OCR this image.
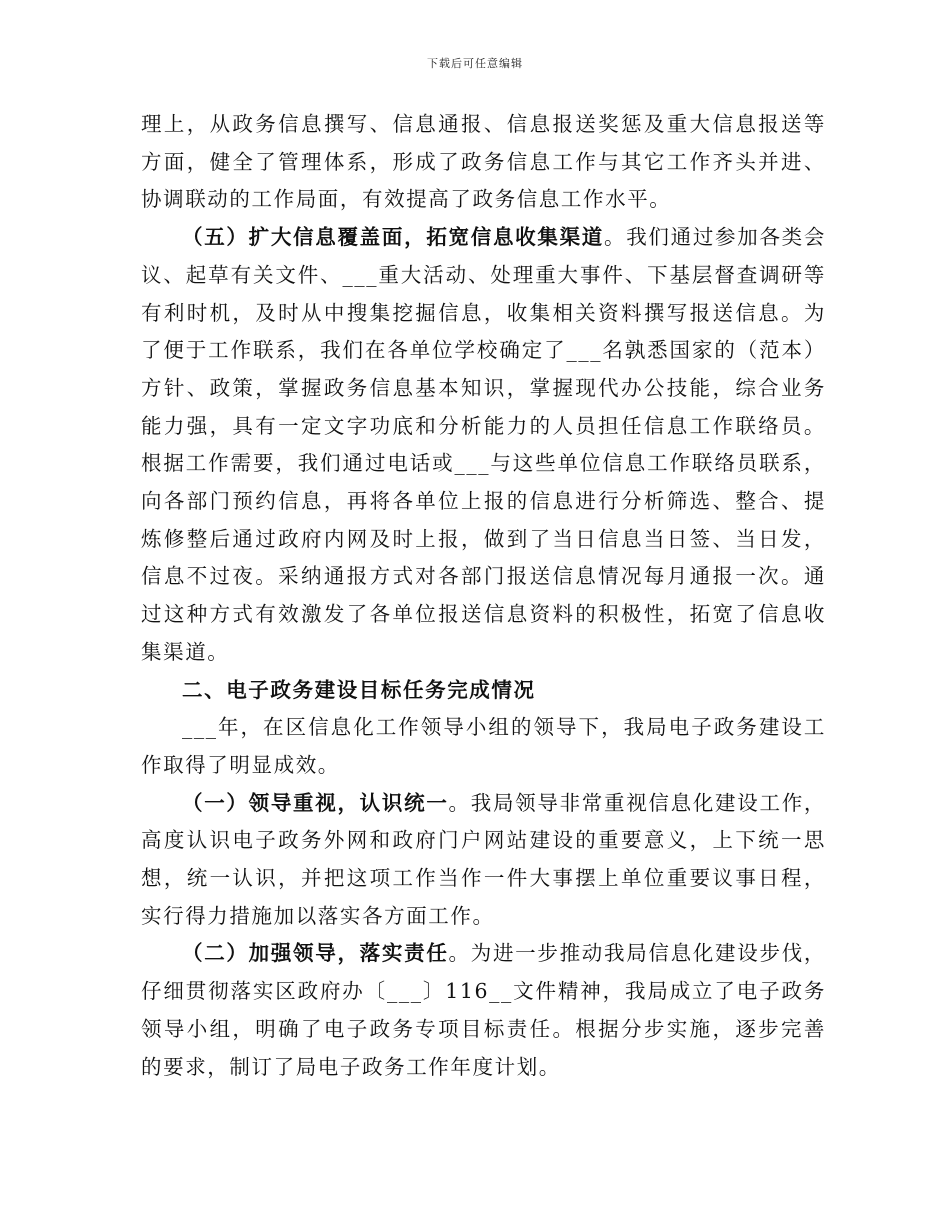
下载后可任意编辑

理上，从政务信息撰写、信息通报、信息报送奖惩及重大信息报送等方面，健全了管理体系，形成了政务信息工作与其它工作齐头并进、协调联动的工作局面，有效提高了政务信息工作水平。

（五）扩大信息覆盖面，拓宽信息收集渠道。我们通过参加各类会议、起草有关文件、___重大活动、处理重大事件、下基层督查调研等有利时机，及时从中搜集挖掘信息，收集相关资料撰写报送信息。为了便于工作联系，我们在各单位学校确定了___名孰悉国家的（范本）方针、政策，掌握政务信息基本知识，掌握现代办公技能，综合业务能力强，具有一定文字功底和分析能力的人员担任信息工作联络员。根据工作需要，我们通过电话或___与这些单位信息工作联络员联系，向各部门预约信息，再将各单位上报的信息进行分析筛选、整合、提炼修整后通过政府内网及时上报，做到了当日信息当日签、当日发，信息不过夜。采纳通报方式对各部门报送信息情况每月通报一次。通过这种方式有效激发了各单位报送信息资料的积极性，拓宽了信息收集渠道。

二、电子政务建设目标任务完成情况

___年，在区信息化工作领导小组的领导下，我局电子政务建设工作取得了明显成效。

（一）领导重视，认识统一。我局领导非常重视信息化建设工作，高度认识电子政务外网和政府门户网站建设的重要意义，上下统一思想，统一认识，并把这项工作当作一件大事摆上单位重要议事日程，实行得力措施加以落实各方面工作。

（二）加强领导，落实责任。为进一步推动我局信息化建设步伐，仔细贯彻落实区政府办〔___〕116__文件精神，我局成立了电子政务领导小组，明确了电子政务专项目标责任。根据分步实施，逐步完善的要求，制订了局电子政务工作年度计划。
